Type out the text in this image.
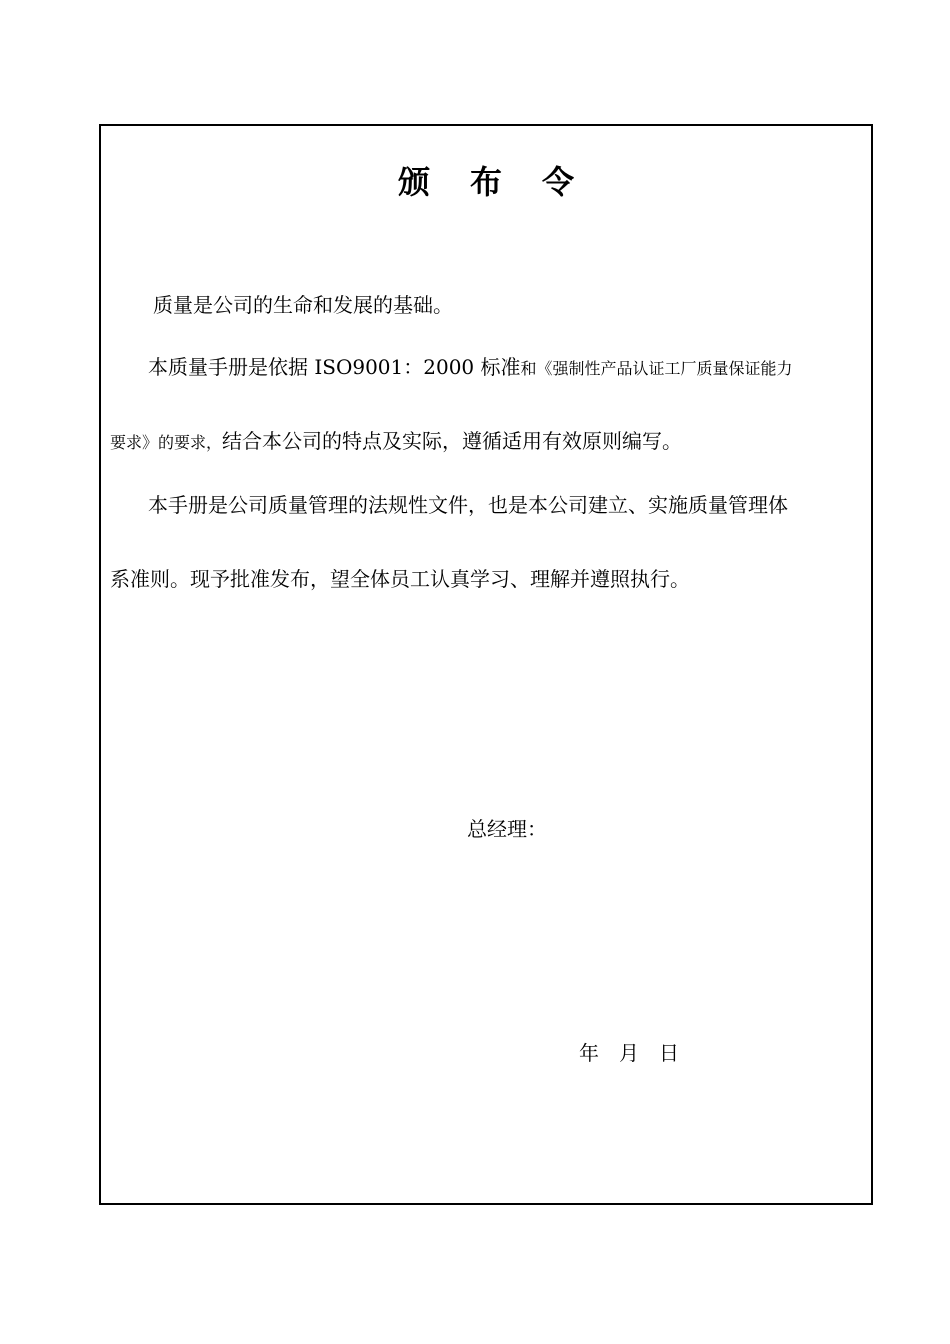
颁 布 令
质量是公司的生命和发展的基础。
本质量手册是依据 ISO9001：2000 标准和《强制性产品认证工厂质量保证能力
要求》的要求，结合本公司的特点及实际，遵循适用有效原则编写。
本手册是公司质量管理的法规性文件，也是本公司建立、实施质量管理体
系准则。现予批准发布，望全体员工认真学习、理解并遵照执行。
总经理：
年 月 日
